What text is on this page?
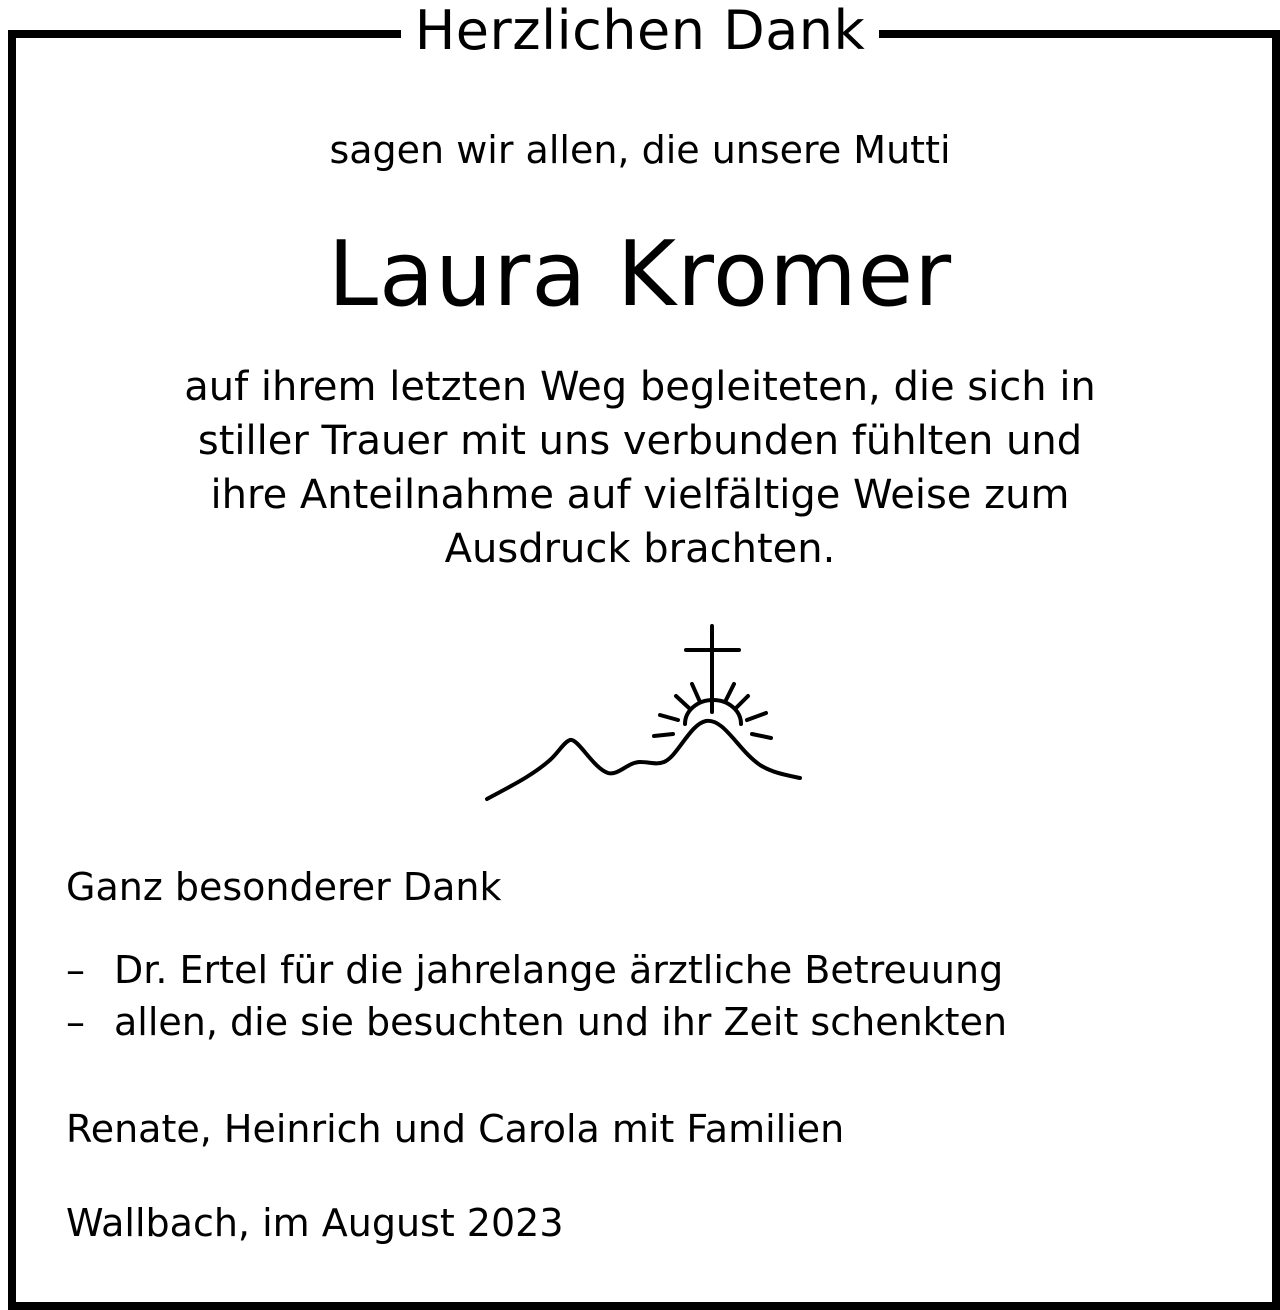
Herzlichen Dank
sagen wir allen, die unsere Mutti
Laura Kromer
auf ihrem letzten Weg begleiteten, die sich in
stiller Trauer mit uns verbunden fühlten und
ihre Anteilnahme auf vielfältige Weise zum
Ausdruck brachten.
Ganz besonderer Dank
– Dr. Ertel für die jahrelange ärztliche Betreuung
– allen, die sie besuchten und ihr Zeit schenkten
Renate, Heinrich und Carola mit Familien
Wallbach, im August 2023
